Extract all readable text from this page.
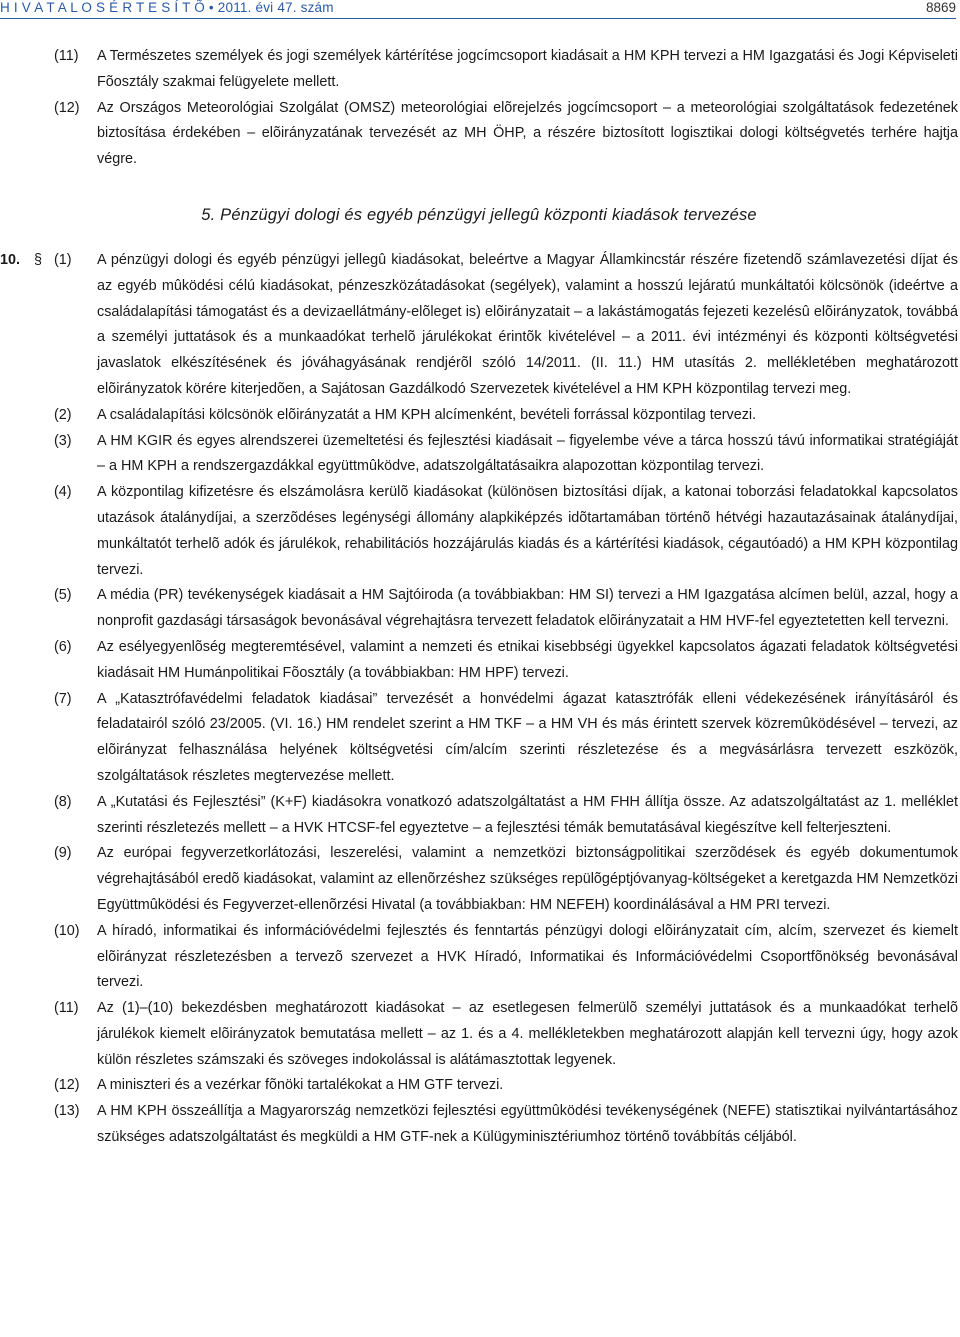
H I V A T A L O S É R T E S Í T Õ • 2011. évi 47. szám	8869
(11) A Természetes személyek és jogi személyek kártérítése jogcímcsoport kiadásait a HM KPH tervezi a HM Igazgatási és Jogi Képviseleti Fõosztály szakmai felügyelete mellett.
(12) Az Országos Meteorológiai Szolgálat (OMSZ) meteorológiai elõrejelzés jogcímcsoport – a meteorológiai szolgáltatások fedezetének biztosítása érdekében – elõirányzatának tervezését az MH ÖHP, a részére biztosított logisztikai dologi költségvetés terhére hajtja végre.
5. Pénzügyi dologi és egyéb pénzügyi jellegû központi kiadások tervezése
10. § (1) A pénzügyi dologi és egyéb pénzügyi jellegû kiadásokat, beleértve a Magyar Államkincstár részére fizetendõ számlavezetési díjat és az egyéb mûködési célú kiadásokat, pénzeszközátadásokat (segélyek), valamint a hosszú lejáratú munkáltatói kölcsönök (ideértve a családalapítási támogatást és a devizaellátmány-elõleget is) elõirányzatait – a lakástámogatás fejezeti kezelésû elõirányzatok, továbbá a személyi juttatások és a munkaadókat terhelõ járulékokat érintõk kivételével – a 2011. évi intézményi és központi költségvetési javaslatok elkészítésének és jóváhagyásának rendjérõl szóló 14/2011. (II. 11.) HM utasítás 2. mellékletében meghatározott elõirányzatok körére kiterjedõen, a Sajátosan Gazdálkodó Szervezetek kivételével a HM KPH központilag tervezi meg.
(2) A családalapítási kölcsönök elõirányzatát a HM KPH alcímenként, bevételi forrással központilag tervezi.
(3) A HM KGIR és egyes alrendszerei üzemeltetési és fejlesztési kiadásait – figyelembe véve a tárca hosszú távú informatikai stratégiáját – a HM KPH a rendszergazdákkal együttmûködve, adatszolgáltatásaikra alapozottan központilag tervezi.
(4) A központilag kifizetésre és elszámolásra kerülõ kiadásokat (különösen biztosítási díjak, a katonai toborzási feladatokkal kapcsolatos utazások átalánydíjai, a szerzõdéses legénységi állomány alapkiképzés idõtartamában történõ hétvégi hazautazásainak átalánydíjai, munkáltatót terhelõ adók és járulékok, rehabilitációs hozzájárulás kiadás és a kártérítési kiadások, cégautóadó) a HM KPH központilag tervezi.
(5) A média (PR) tevékenységek kiadásait a HM Sajtóiroda (a továbbiakban: HM SI) tervezi a HM Igazgatása alcímen belül, azzal, hogy a nonprofit gazdasági társaságok bevonásával végrehajtásra tervezett feladatok elõirányzatait a HM HVF-fel egyeztetetten kell tervezni.
(6) Az esélyegyenlõség megteremtésével, valamint a nemzeti és etnikai kisebbségi ügyekkel kapcsolatos ágazati feladatok költségvetési kiadásait HM Humánpolitikai Fõosztály (a továbbiakban: HM HPF) tervezi.
(7) A „Katasztrófavédelmi feladatok kiadásai” tervezését a honvédelmi ágazat katasztrófák elleni védekezésének irányításáról és feladatairól szóló 23/2005. (VI. 16.) HM rendelet szerint a HM TKF – a HM VH és más érintett szervek közremûködésével – tervezi, az elõirányzat felhasználása helyének költségvetési cím/alcím szerinti részletezése és a megvásárlásra tervezett eszközök, szolgáltatások részletes megtervezése mellett.
(8) A „Kutatási és Fejlesztési” (K+F) kiadásokra vonatkozó adatszolgáltatást a HM FHH állítja össze. Az adatszolgáltatást az 1. melléklet szerinti részletezés mellett – a HVK HTCSF-fel egyeztetve – a fejlesztési témák bemutatásával kiegészítve kell felterjeszteni.
(9) Az európai fegyverzetkorlátozási, leszerelési, valamint a nemzetközi biztonságpolitikai szerzõdések és egyéb dokumentumok végrehajtásából eredõ kiadásokat, valamint az ellenõrzéshez szükséges repülõgéptjóvanyag-költségeket a keretgazda HM Nemzetközi Együttmûködési és Fegyverzet-ellenõrzési Hivatal (a továbbiakban: HM NEFEH) koordinálásával a HM PRI tervezi.
(10) A híradó, informatikai és információvédelmi fejlesztés és fenntartás pénzügyi dologi elõirányzatait cím, alcím, szervezet és kiemelt elõirányzat részletezésben a tervezõ szervezet a HVK Híradó, Informatikai és Információvédelmi Csoportfõnökség bevonásával tervezi.
(11) Az (1)–(10) bekezdésben meghatározott kiadásokat – az esetlegesen felmerülõ személyi juttatások és a munkaadókat terhelõ járulékok kiemelt elõirányzatok bemutatása mellett – az 1. és a 4. mellékletekben meghatározott alapján kell tervezni úgy, hogy azok külön részletes számszaki és szöveges indokolással is alátámasztottak legyenek.
(12) A miniszteri és a vezérkar fõnöki tartalékokat a HM GTF tervezi.
(13) A HM KPH összeállítja a Magyarország nemzetközi fejlesztési együttmûködési tevékenységének (NEFE) statisztikai nyilvántartásához szükséges adatszolgáltatást és megküldi a HM GTF-nek a Külügyminisztériumhoz történõ továbbítás céljából.
